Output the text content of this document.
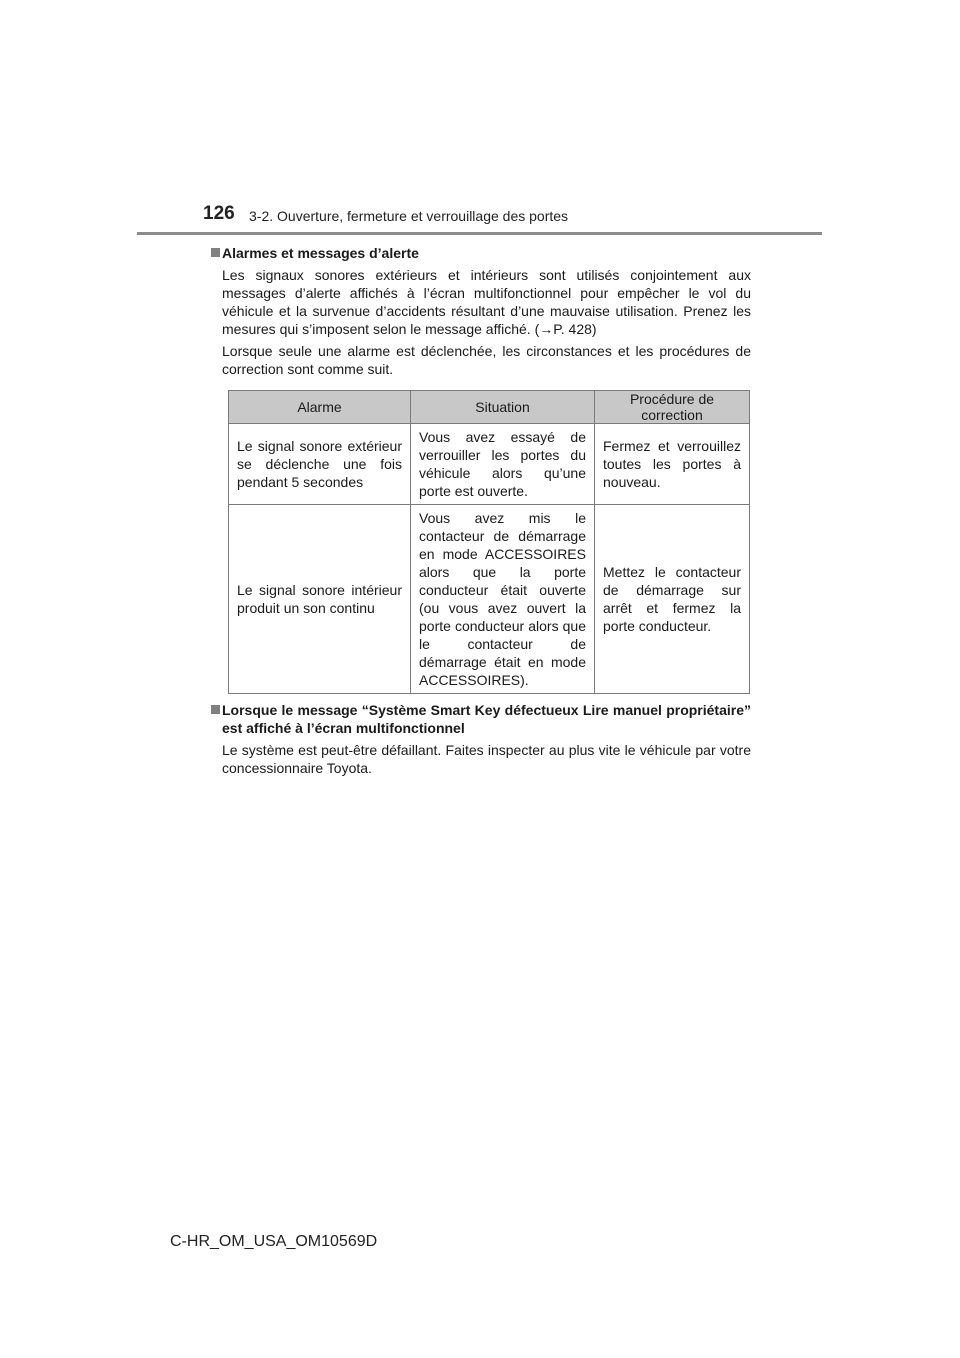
126 3-2. Ouverture, fermeture et verrouillage des portes
Alarmes et messages d’alerte

Les signaux sonores extérieurs et intérieurs sont utilisés conjointement aux messages d’alerte affichés à l’écran multifonctionnel pour empêcher le vol du véhicule et la survenue d’accidents résultant d’une mauvaise utilisation. Prenez les mesures qui s’imposent selon le message affiché. (→P. 428)

Lorsque seule une alarme est déclenchée, les circonstances et les procédures de correction sont comme suit.

Alarme	Situation	Procédure de correction
Le signal sonore extérieur se déclenche une fois pendant 5 secondes	Vous avez essayé de verrouiller les portes du véhicule alors qu’une porte est ouverte.	Fermez et verrouillez toutes les portes à nouveau.
Le signal sonore intérieur produit un son continu	Vous avez mis le contacteur de démarrage en mode ACCESSOIRES alors que la porte conducteur était ouverte (ou vous avez ouvert la porte conducteur alors que le contacteur de démarrage était en mode ACCESSOIRES).	Mettez le contacteur de démarrage sur arrêt et fermez la porte conducteur.
Lorsque le message “Système Smart Key défectueux Lire manuel propriétaire” est affiché à l’écran multifonctionnel

Le système est peut-être défaillant. Faites inspecter au plus vite le véhicule par votre concessionnaire Toyota.

C-HR_OM_USA_OM10569D
